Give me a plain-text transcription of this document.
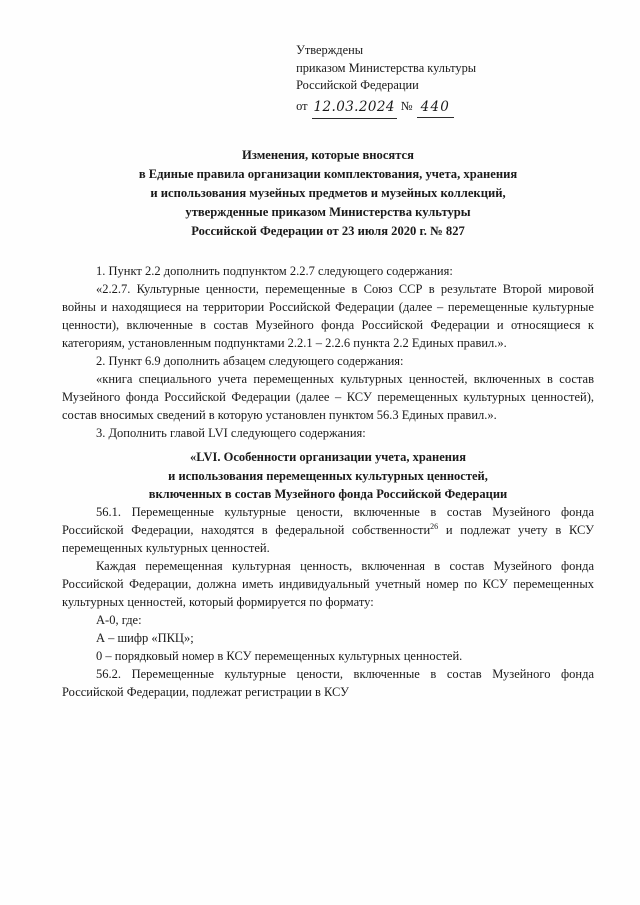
Утверждены
приказом Министерства культуры
Российской Федерации
от 12.03.2024 № 440
Изменения, которые вносятся
в Единые правила организации комплектования, учета, хранения
и использования музейных предметов и музейных коллекций,
утвержденные приказом Министерства культуры
Российской Федерации от 23 июля 2020 г. № 827

1. Пункт 2.2 дополнить подпунктом 2.2.7 следующего содержания:

«2.2.7. Культурные ценности, перемещенные в Союз ССР в результате Второй мировой войны и находящиеся на территории Российской Федерации (далее – перемещенные культурные ценности), включенные в состав Музейного фонда Российской Федерации и относящиеся к категориям, установленным подпунктами 2.2.1 – 2.2.6 пункта 2.2 Единых правил.».

2. Пункт 6.9 дополнить абзацем следующего содержания:

«книга специального учета перемещенных культурных ценностей, включенных в состав Музейного фонда Российской Федерации (далее – КСУ перемещенных культурных ценностей), состав вносимых сведений в которую установлен пунктом 56.3 Единых правил.».

3. Дополнить главой LVI следующего содержания:

«LVI. Особенности организации учета, хранения
и использования перемещенных культурных ценностей,
включенных в состав Музейного фонда Российской Федерации

56.1. Перемещенные культурные цености, включенные в состав Музейного фонда Российской Федерации, находятся в федеральной собственности$^{26}$ и подлежат учету в КСУ перемещенных культурных ценностей.

Каждая перемещенная культурная ценность, включенная в состав Музейного фонда Российской Федерации, должна иметь индивидуальный учетный номер по КСУ перемещенных культурных ценностей, который формируется по формату:

А-0, где:

А – шифр «ПКЦ»;

0 – порядковый номер в КСУ перемещенных культурных ценностей.

56.2. Перемещенные культурные цености, включенные в состав Музейного фонда Российской Федерации, подлежат регистрации в КСУ
